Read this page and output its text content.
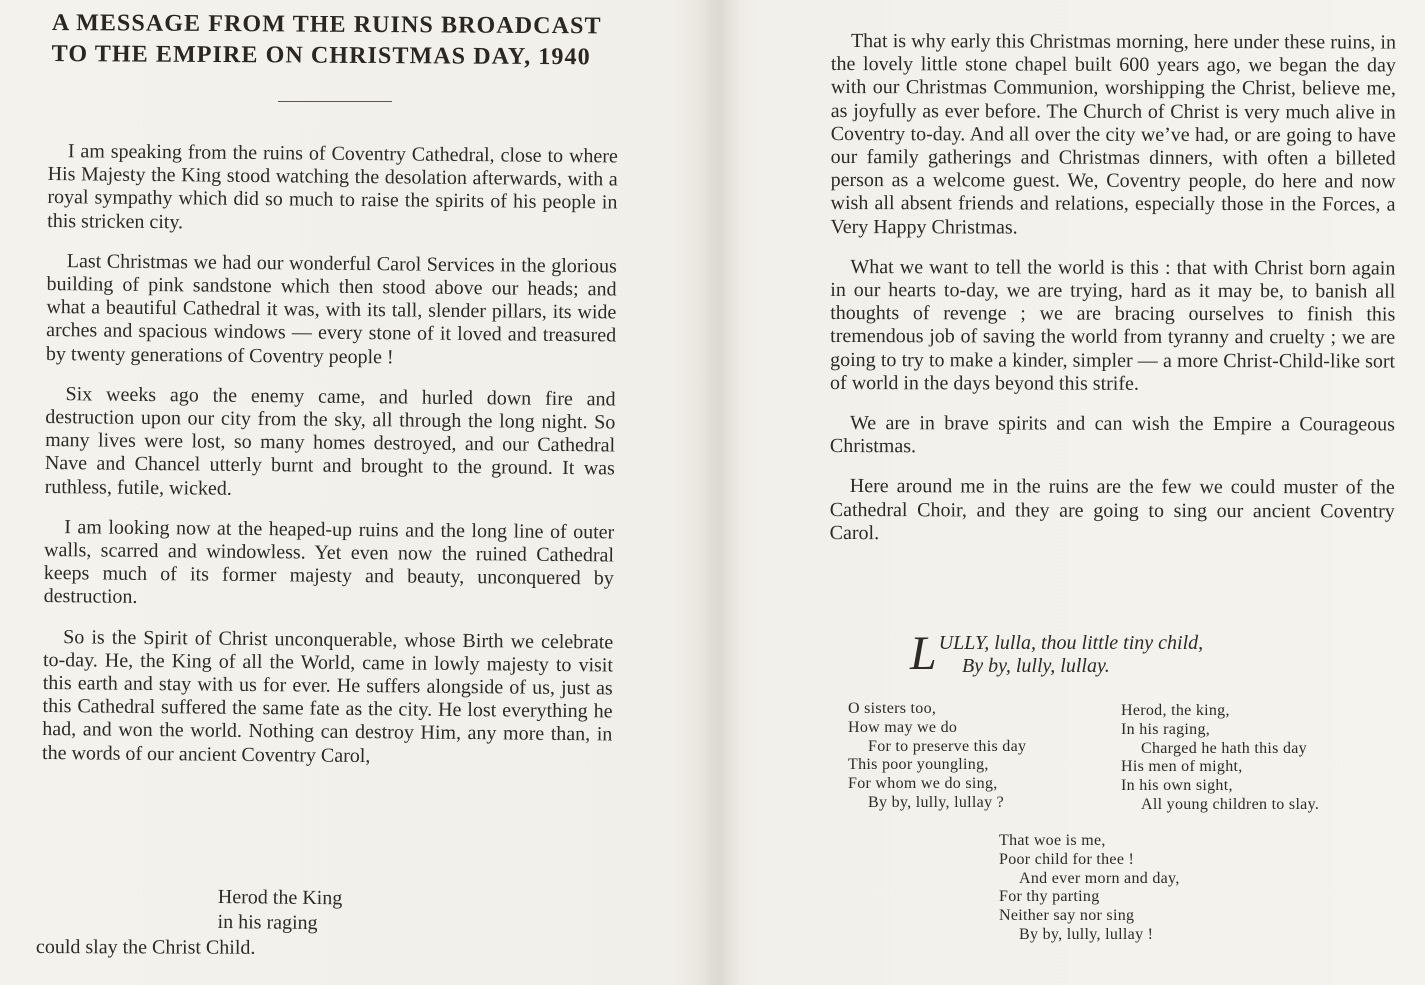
A MESSAGE FROM THE RUINS BROADCAST
TO THE EMPIRE ON CHRISTMAS DAY, 1940

I am speaking from the ruins of Coventry Cathedral, close to where His Majesty the King stood watching the desolation afterwards, with a royal sympathy which did so much to raise the spirits of his people in this stricken city.

Last Christmas we had our wonderful Carol Services in the glorious building of pink sandstone which then stood above our heads; and what a beautiful Cathedral it was, with its tall, slender pillars, its wide arches and spacious windows — every stone of it loved and treasured by twenty generations of Coventry people !

Six weeks ago the enemy came, and hurled down fire and destruction upon our city from the sky, all through the long night. So many lives were lost, so many homes destroyed, and our Cathedral Nave and Chancel utterly burnt and brought to the ground. It was ruthless, futile, wicked.

I am looking now at the heaped-up ruins and the long line of outer walls, scarred and windowless. Yet even now the ruined Cathedral keeps much of its former majesty and beauty, unconquered by destruction.

So is the Spirit of Christ unconquerable, whose Birth we celebrate to-day. He, the King of all the World, came in lowly majesty to visit this earth and stay with us for ever. He suffers alongside of us, just as this Cathedral suffered the same fate as the city. He lost everything he had, and won the world. Nothing can destroy Him, any more than, in the words of our ancient Coventry Carol,

Herod the King
in his raging
could slay the Christ Child.

That is why early this Christmas morning, here under these ruins, in the lovely little stone chapel built 600 years ago, we began the day with our Christmas Communion, worshipping the Christ, believe me, as joyfully as ever before. The Church of Christ is very much alive in Coventry to-day. And all over the city we’ve had, or are going to have our family gatherings and Christmas dinners, with often a billeted person as a welcome guest. We, Coventry people, do here and now wish all absent friends and relations, especially those in the Forces, a Very Happy Christmas.

What we want to tell the world is this : that with Christ born again in our hearts to-day, we are trying, hard as it may be, to banish all thoughts of revenge ; we are bracing ourselves to finish this tremendous job of saving the world from tyranny and cruelty ; we are going to try to make a kinder, simpler — a more Christ-Child-like sort of world in the days beyond this strife.

We are in brave spirits and can wish the Empire a Courageous Christmas.

Here around me in the ruins are the few we could muster of the Cathedral Choir, and they are going to sing our ancient Coventry Carol.

L ULLY, lulla, thou little tiny child,
By by, lully, lullay.
O sisters too,
How may we do
For to preserve this day
This poor youngling,
For whom we do sing,
By by, lully, lullay ?
Herod, the king,
In his raging,
Charged he hath this day
His men of might,
In his own sight,
All young children to slay.
That woe is me,
Poor child for thee !
And ever morn and day,
For thy parting
Neither say nor sing
By by, lully, lullay !
